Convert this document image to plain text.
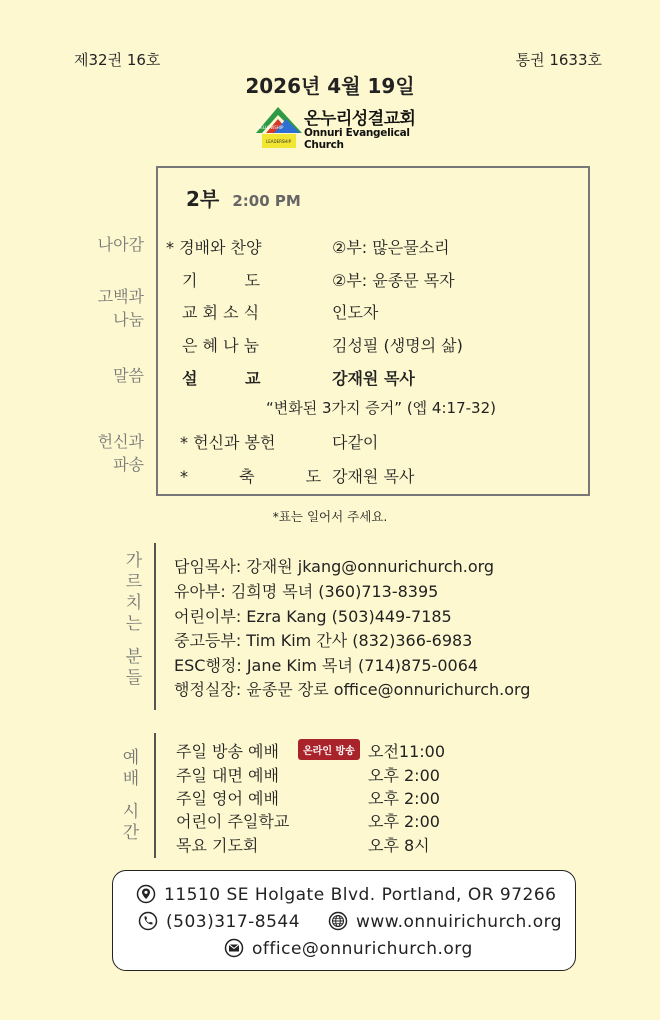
제32권 16호	통권 1633호
2026년 4월 19일
FELLOWSHIP
LEADERSHIP
온누리성결교회
Onnuri Evangelical Church
2부 2:00 PM
나아감
고백과
나눔
말씀
헌신과
파송
* 경배와 찬양	②부: 많은물소리
기 도	②부: 윤종문 목자
교 회 소 식	인도자
은 혜 나 눔	김성필 (생명의 삶)
설 교	강재원 목사
“변화된 3가지 증거” (엡 4:17-32)
* 헌신과 봉헌	다같이
* 축 도 강재원 목사
*표는 일어서 주세요.
가
르
치
는
분
들
담임목사: 강재원 jkang@onnurichurch.org
유아부: 김희명 목녀 (360)713-8395
어린이부: Ezra Kang (503)449-7185
중고등부: Tim Kim 간사 (832)366-6983
ESC행정: Jane Kim 목녀 (714)875-0064
행정실장: 윤종문 장로 office@onnurichurch.org
예
배
시
간
주일 방송 예배	온라인 방송 오전11:00
주일 대면 예배	오후 2:00
주일 영어 예배	오후 2:00
어린이 주일학교	오후 2:00
목요 기도회	오후 8시
11510 SE Holgate Blvd. Portland, OR 97266
(503)317-8544	www.onnuirichurch.org
office@onnurichurch.org
